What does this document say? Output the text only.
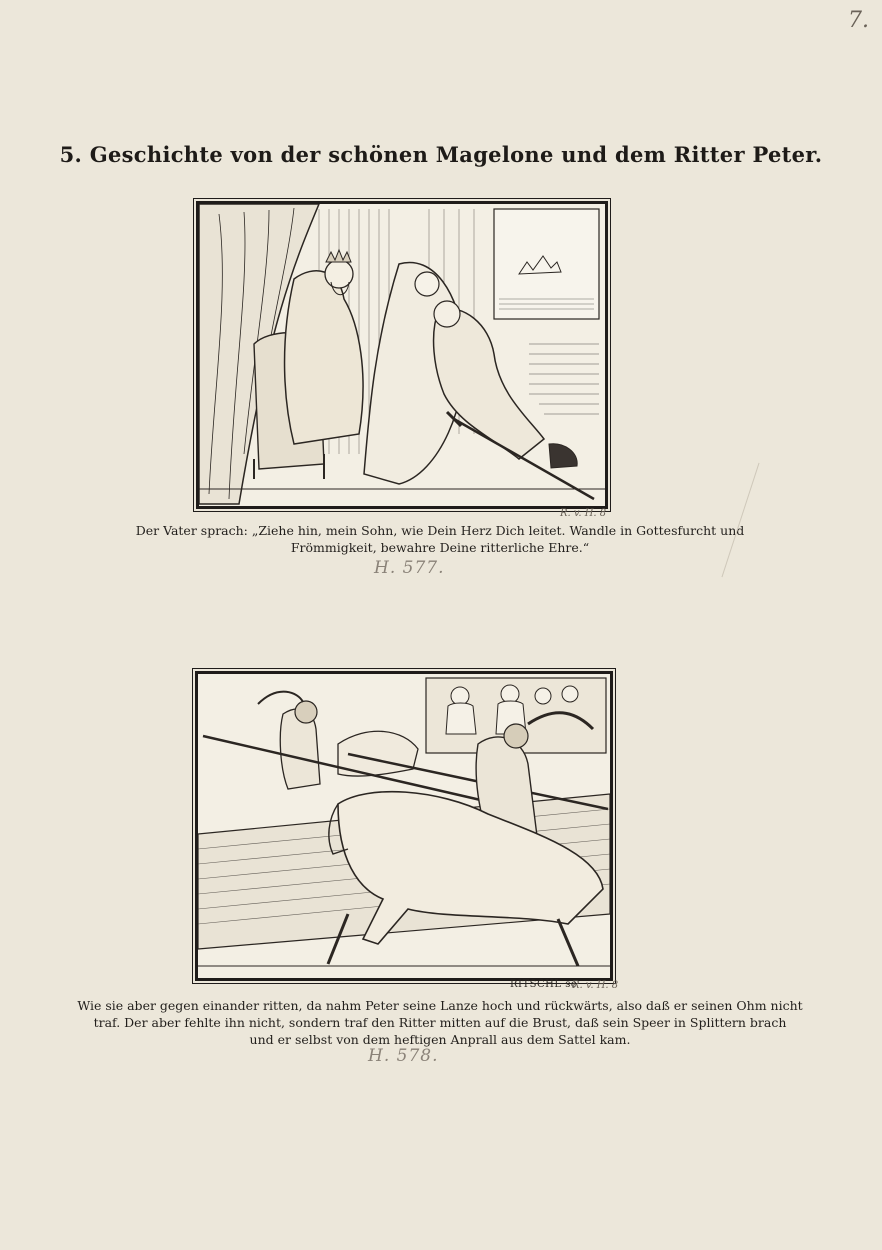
7.
5. Geschichte von der schönen Magelone und dem Ritter Peter.
R. v. H. 8
Der Vater sprach: „Ziehe hin, mein Sohn, wie Dein Herz Dich leitet. Wandle in Gottesfurcht und
Frömmigkeit, bewahre Deine ritterliche Ehre.“
H. 577.
RITSCHL sc
R. v. H. 8
Wie sie aber gegen einander ritten, da nahm Peter seine Lanze hoch und rückwärts, also daß er seinen Ohm nicht
traf. Der aber fehlte ihn nicht, sondern traf den Ritter mitten auf die Brust, daß sein Speer in Splittern brach
und er selbst von dem heftigen Anprall aus dem Sattel kam.
H. 578.
